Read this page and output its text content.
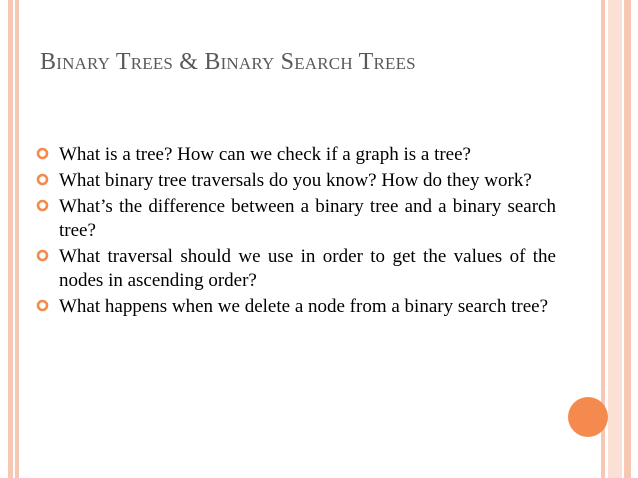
Binary Trees & Binary Search Trees
What is a tree? How can we check if a graph is a tree?
What binary tree traversals do you know? How do they work?
What’s the difference between a binary tree and a binary search tree?
What traversal should we use in order to get the values of the nodes in ascending order?
What happens when we delete a node from a binary search tree?
